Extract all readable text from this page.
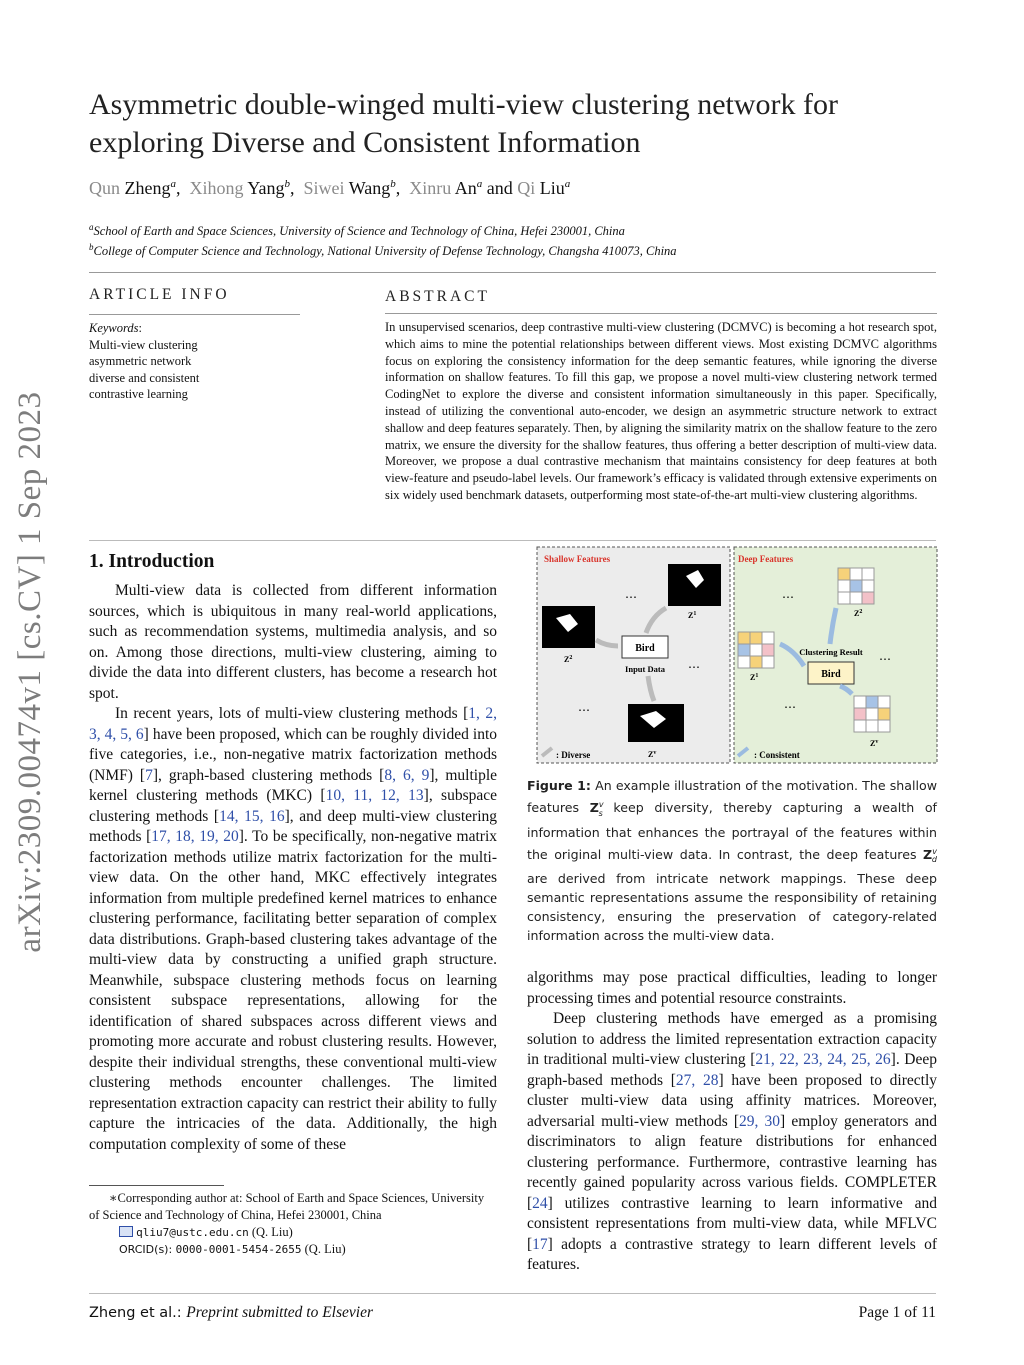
arXiv:2309.00474v1 [cs.CV] 1 Sep 2023
Asymmetric double-winged multi-view clustering network for exploring Diverse and Consistent Information
Qun Zheng$^a$,  Xihong Yang$^b$,  Siwei Wang$^b$,  Xinru An$^a$ and Qi Liu$^a$
$^a$School of Earth and Space Sciences, University of Science and Technology of China, Hefei 230001, China
$^b$College of Computer Science and Technology, National University of Defense Technology, Changsha 410073, China
ARTICLE INFO
Keywords:
Multi-view clustering
asymmetric network
diverse and consistent
contrastive learning
ABSTRACT
In unsupervised scenarios, deep contrastive multi-view clustering (DCMVC) is becoming a hot research spot, which aims to mine the potential relationships between different views. Most existing DCMVC algorithms focus on exploring the consistency information for the deep semantic features, while ignoring the diverse information on shallow features. To fill this gap, we propose a novel multi-view clustering network termed CodingNet to explore the diverse and consistent information simultaneously in this paper. Specifically, instead of utilizing the conventional auto-encoder, we design an asymmetric structure network to extract shallow and deep features separately. Then, by aligning the similarity matrix on the shallow feature to the zero matrix, we ensure the diversity for the shallow features, thus offering a better description of multi-view data. Moreover, we propose a dual contrastive mechanism that maintains consistency for deep features at both view-feature and pseudo-label levels. Our framework’s efficacy is validated through extensive experiments on six widely used benchmark datasets, outperforming most state-of-the-art multi-view clustering algorithms.
1. Introduction

Multi-view data is collected from different information sources, which is ubiquitous in many real-world applications, such as recommendation systems, multimedia analysis, and so on. Among those directions, multi-view clustering, aiming to divide the data into different clusters, has become a research hot spot.

In recent years, lots of multi-view clustering methods [1, 2, 3, 4, 5, 6] have been proposed, which can be roughly divided into five categories, i.e., non-negative matrix factorization methods (NMF) [7], graph-based clustering methods [8, 6, 9], multiple kernel clustering methods (MKC) [10, 11, 12, 13], subspace clustering methods [14, 15, 16], and deep multi-view clustering methods [17, 18, 19, 20]. To be specifically, non-negative matrix factorization methods utilize matrix factorization for the multi-view data. On the other hand, MKC effectively integrates information from multiple predefined kernel matrices to enhance clustering performance, facilitating better separation of complex data distributions. Graph-based clustering takes advantage of the multi-view data by constructing a unified graph structure. Meanwhile, subspace clustering methods focus on learning consistent subspace representations, allowing for the identification of shared subspaces across different views and promoting more accurate and robust clustering results. However, despite their individual strengths, these conventional multi-view clustering methods encounter challenges. The limited representation extraction capacity can restrict their ability to fully capture the intricacies of the data. Additionally, the high computation complexity of some of these

Shallow Features	Deep Features
Bird
Input Data
…
…
…
$Z^1$
$Z^2$
$Z^v$
: Diverse
Bird
Clustering Result
…
…
…
$Z^2$
$Z^1$
$Z^v$
: Consistent
Figure 1: An example illustration of the motivation. The shallow features $Z^v_s$ keep diversity, thereby capturing a wealth of information that enhances the portrayal of the features within the original multi-view data. In contrast, the deep features $Z^v_d$ are derived from intricate network mappings. These deep semantic representations assume the responsibility of retaining consistency, ensuring the preservation of category-related information across the multi-view data.

algorithms may pose practical difficulties, leading to longer processing times and potential resource constraints.

Deep clustering methods have emerged as a promising solution to address the limited representation extraction capacity in traditional multi-view clustering [21, 22, 23, 24, 25, 26]. Deep graph-based methods [27, 28] have been proposed to directly cluster multi-view data using affinity matrices. Moreover, adversarial multi-view methods [29, 30] employ generators and discriminators to align feature distributions for enhanced clustering performance. Furthermore, contrastive learning has recently gained popularity across various fields. COMPLETER [24] utilizes contrastive learning to learn informative and consistent representations from multi-view data, while MFLVC [17] adopts a contrastive strategy to learn different levels of features.

∗Corresponding author at: School of Earth and Space Sciences, University of Science and Technology of China, Hefei 230001, China
qliu7@ustc.edu.cn (Q. Liu)
ORCID(s): 0000-0001-5454-2655 (Q. Liu)
Zheng et al.: Preprint submitted to Elsevier	Page 1 of 11
